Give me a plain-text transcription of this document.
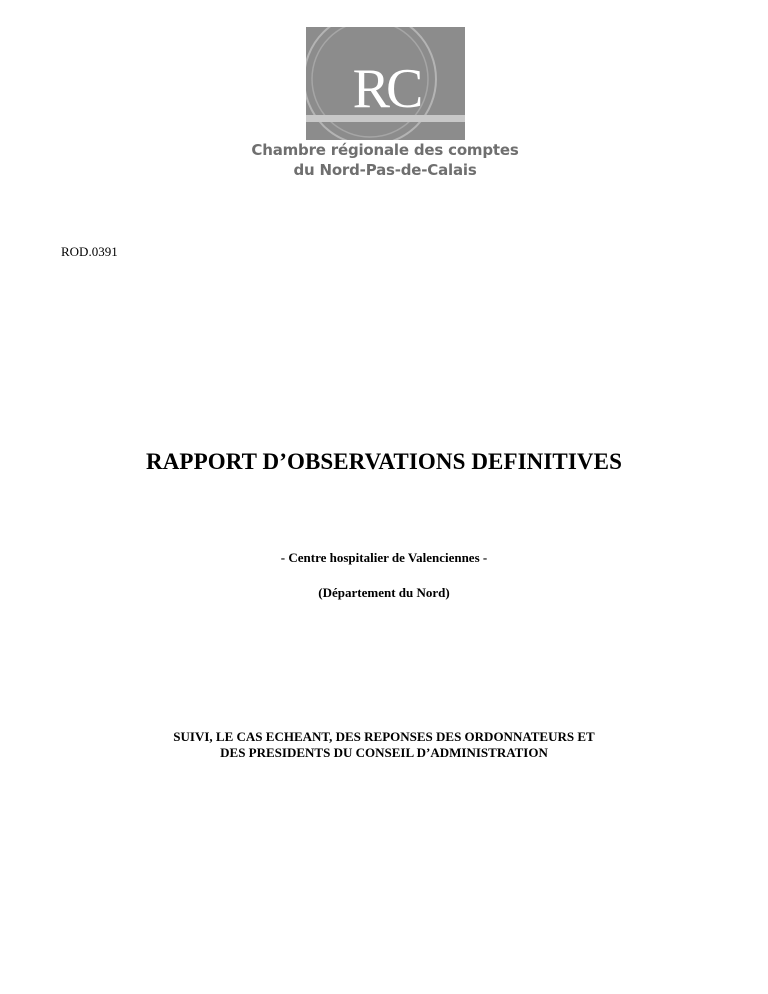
RC
Chambre régionale des comptes
du Nord-Pas-de-Calais
ROD.0391
RAPPORT D’OBSERVATIONS DEFINITIVES
- Centre hospitalier de Valenciennes -
(Département du Nord)
SUIVI, LE CAS ECHEANT, DES REPONSES DES ORDONNATEURS ET
DES PRESIDENTS DU CONSEIL D’ADMINISTRATION
